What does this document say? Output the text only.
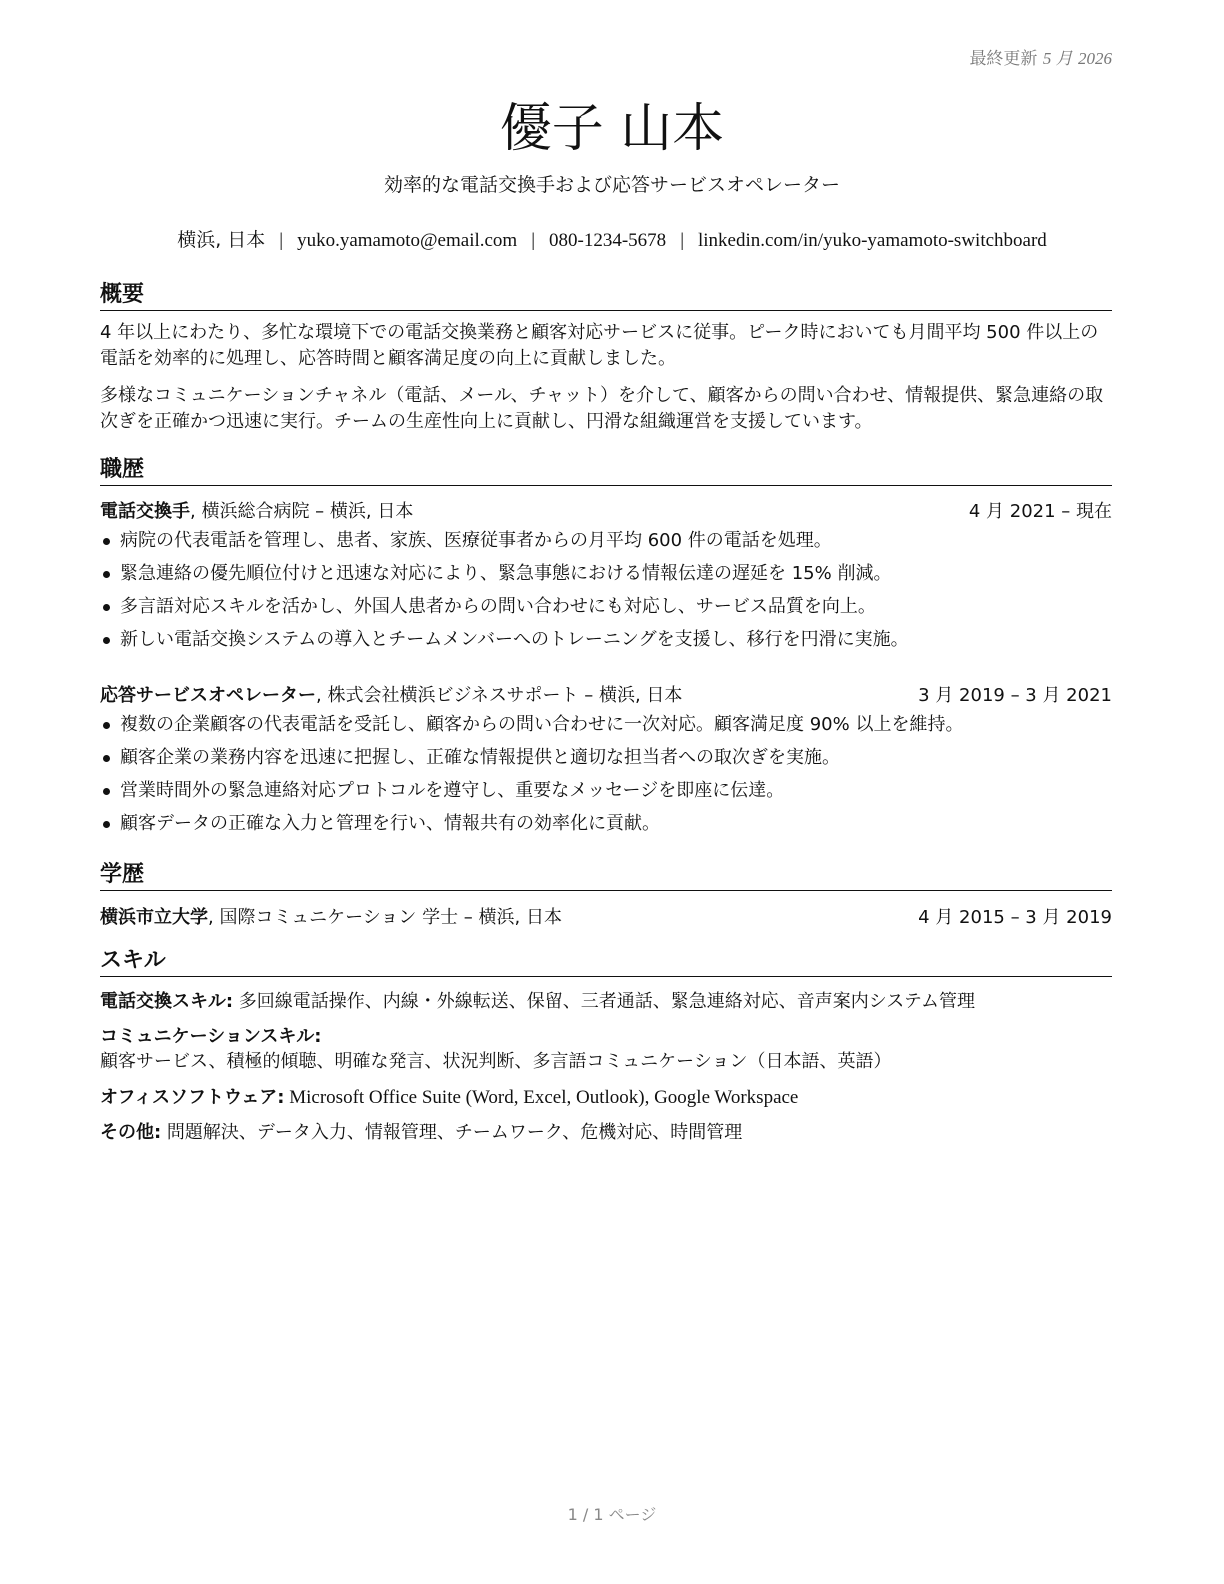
最終更新 5 月 2026
優子 山本
効率的な電話交換手および応答サービスオペレーター
横浜, 日本 | yuko.yamamoto@email.com | 080-1234-5678 | linkedin.com/in/yuko-yamamoto-switchboard
概要
4 年以上にわたり、多忙な環境下での電話交換業務と顧客対応サービスに従事。ピーク時においても月間平均 500 件以上の電話を効率的に処理し、応答時間と顧客満足度の向上に貢献しました。
多様なコミュニケーションチャネル（電話、メール、チャット）を介して、顧客からの問い合わせ、情報提供、緊急連絡の取次ぎを正確かつ迅速に実行。チームの生産性向上に貢献し、円滑な組織運営を支援しています。
職歴
電話交換手, 横浜総合病院 – 横浜, 日本	4 月 2021 – 現在
病院の代表電話を管理し、患者、家族、医療従事者からの月平均 600 件の電話を処理。
緊急連絡の優先順位付けと迅速な対応により、緊急事態における情報伝達の遅延を 15% 削減。
多言語対応スキルを活かし、外国人患者からの問い合わせにも対応し、サービス品質を向上。
新しい電話交換システムの導入とチームメンバーへのトレーニングを支援し、移行を円滑に実施。
応答サービスオペレーター, 株式会社横浜ビジネスサポート – 横浜, 日本	3 月 2019 – 3 月 2021
複数の企業顧客の代表電話を受託し、顧客からの問い合わせに一次対応。顧客満足度 90% 以上を維持。
顧客企業の業務内容を迅速に把握し、正確な情報提供と適切な担当者への取次ぎを実施。
営業時間外の緊急連絡対応プロトコルを遵守し、重要なメッセージを即座に伝達。
顧客データの正確な入力と管理を行い、情報共有の効率化に貢献。
学歴
横浜市立大学, 国際コミュニケーション 学士 – 横浜, 日本	4 月 2015 – 3 月 2019
スキル
電話交換スキル: 多回線電話操作、内線・外線転送、保留、三者通話、緊急連絡対応、音声案内システム管理
コミュニケーションスキル: 顧客サービス、積極的傾聴、明確な発言、状況判断、多言語コミュニケーション（日本語、英語）
オフィスソフトウェア: Microsoft Office Suite (Word, Excel, Outlook), Google Workspace
その他: 問題解決、データ入力、情報管理、チームワーク、危機対応、時間管理
1 / 1 ページ
